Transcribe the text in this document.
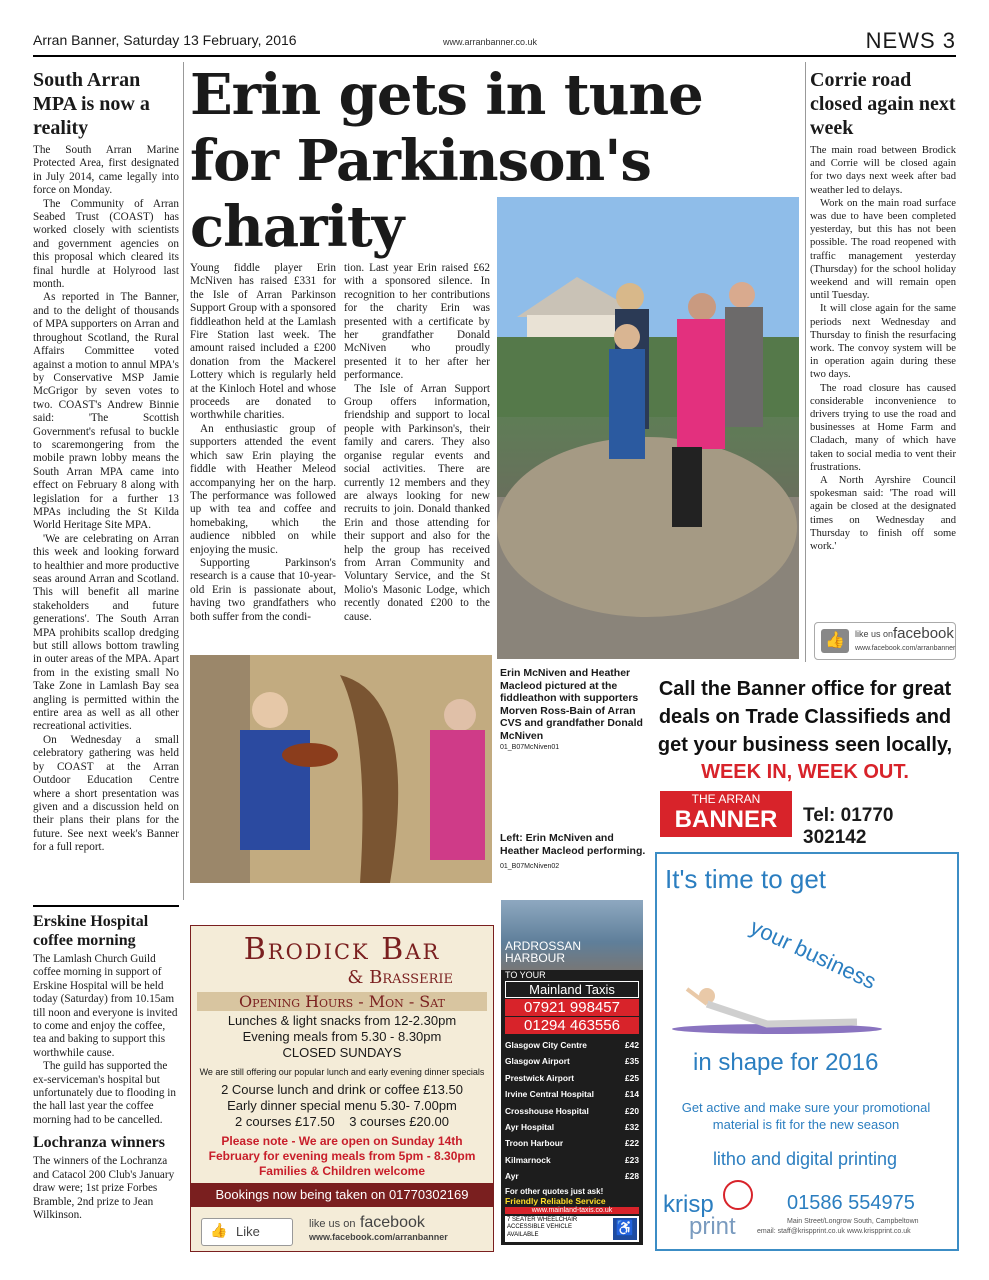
Arran Banner, Saturday 13 February, 2016	www.arranbanner.co.uk	NEWS 3
South Arran MPA is now a reality

The South Arran Marine Protected Area, first designated in July 2014, came legally into force on Monday.

The Community of Arran Seabed Trust (COAST) has worked closely with scientists and government agencies on this proposal which cleared its final hurdle at Holyrood last month.

As reported in The Banner, and to the delight of thousands of MPA supporters on Arran and throughout Scotland, the Rural Affairs Committee voted against a motion to annul MPA's by Conservative MSP Jamie McGrigor by seven votes to two. COAST's Andrew Binnie said: 'The Scottish Government's refusal to buckle to scaremongering from the mobile prawn lobby means the South Arran MPA came into effect on February 8 along with legislation for a further 13 MPAs including the St Kilda World Heritage Site MPA.

'We are celebrating on Arran this week and looking forward to healthier and more productive seas around Arran and Scotland. This will benefit all marine stakeholders and future generations'. The South Arran MPA prohibits scallop dredging but still allows bottom trawling in outer areas of the MPA. Apart from in the existing small No Take Zone in Lamlash Bay sea angling is permitted within the entire area as well as all other recreational activities.

On Wednesday a small celebratory gathering was held by COAST at the Arran Outdoor Education Centre where a short presentation was given and a discussion held on their plans their plans for the future. See next week's Banner for a full report.

Erskine Hospital coffee morning

The Lamlash Church Guild coffee morning in support of Erskine Hospital will be held today (Saturday) from 10.15am till noon and everyone is invited to come and enjoy the coffee, tea and baking to support this worthwhile cause.

The guild has supported the ex-serviceman's hospital but unfortunately due to flooding in the hall last year the coffee morning had to be cancelled.

Lochranza winners

The winners of the Lochranza and Catacol 200 Club's January draw were; 1st prize Forbes Bramble, 2nd prize to Jean Wilkinson.

Erin gets in tune for Parkinson's charity

Young fiddle player Erin McNiven has raised £331 for the Isle of Arran Parkinson Support Group with a sponsored fiddleathon held at the Lamlash Fire Station last week. The amount raised included a £200 donation from the Mackerel Lottery which is regularly held at the Kinloch Hotel and whose proceeds are donated to worthwhile charities.

An enthusiastic group of supporters attended the event which saw Erin playing the fiddle with Heather Meleod accompanying her on the harp. The performance was followed up with tea and coffee and homebaking, which the audience nibbled on while enjoying the music.

Supporting Parkinson's research is a cause that 10-year-old Erin is passionate about, having two grandfathers who both suffer from the condi-

tion. Last year Erin raised £62 with a sponsored silence. In recognition to her contributions for the charity Erin was presented with a certificate by her grandfather Donald McNiven who proudly presented it to her after her performance.

The Isle of Arran Support Group offers information, friendship and support to local people with Parkinson's, their family and carers. They also organise regular events and social activities. There are currently 12 members and they are always looking for new recruits to join. Donald thanked Erin and those attending for their support and also for the help the group has received from Arran Community and Voluntary Service, and the St Molio's Masonic Lodge, which recently donated £200 to the cause.

Erin McNiven and Heather Macleod pictured at the fiddleathon with supporters Morven Ross-Bain of Arran CVS and grandfather Donald McNiven
01_B07McNiven01
Left: Erin McNiven and Heather Macleod performing.
01_B07McNiven02
Corrie road closed again next week

The main road between Brodick and Corrie will be closed again for two days next week after bad weather led to delays.

Work on the main road surface was due to have been completed yesterday, but this has not been possible. The road reopened with traffic management yesterday (Thursday) for the school holiday weekend and will remain open until Tuesday.

It will close again for the same periods next Wednesday and Thursday to finish the resurfacing work. The convoy system will be in operation again during these two days.

The road closure has caused considerable inconvenience to drivers trying to use the road and businesses at Home Farm and Cladach, many of which have taken to social media to vent their frustrations.

A North Ayrshire Council spokesman said: 'The road will again be closed at the designated times on Wednesday and Thursday to finish off some work.'

👍	like us on facebook
www.facebook.com/arranbanner
Call the Banner office for great deals on Trade Classifieds and get your business seen locally,
WEEK IN, WEEK OUT.
THE ARRAN
BANNER	Tel: 01770 302142
Brodick Bar
& Brasserie
Opening Hours - Mon - Sat
Lunches & light snacks from 12-2.30pm
Evening meals from 5.30 - 8.30pm
CLOSED SUNDAYS
We are still offering our popular lunch and early evening dinner specials
2 Course lunch and drink or coffee £13.50
Early dinner special menu 5.30- 7.00pm
2 courses £17.50 3 courses £20.00
Please note - We are open on Sunday 14th February for evening meals from 5pm - 8.30pm Families & Children welcome
Bookings now being taken on 01770302169
👍 Like	like us on facebook
www.facebook.com/arranbanner
ARDROSSAN
HARBOUR
TO YOUR
Mainland Taxis
07921 998457
01294 463556
Glasgow City Centre	£42
Glasgow Airport	£35
Prestwick Airport	£25
Irvine Central Hospital	£14
Crosshouse Hospital	£20
Ayr Hospital	£32
Troon Harbour	£22
Kilmarnock	£23
Ayr	£28
For other quotes just ask!
Friendly Reliable Service
www.mainland-taxis.co.uk
7 SEATER WHEELCHAIR ACCESSIBLE VEHICLE AVAILABLE	♿
It's time to get
your business
in shape for 2016
Get active and make sure your promotional material is fit for the new season
litho and digital printing
krisp
print
01586 554975
Main Street/Longrow South, Campbeltown
email: staff@krispprint.co.uk www.krispprint.co.uk
